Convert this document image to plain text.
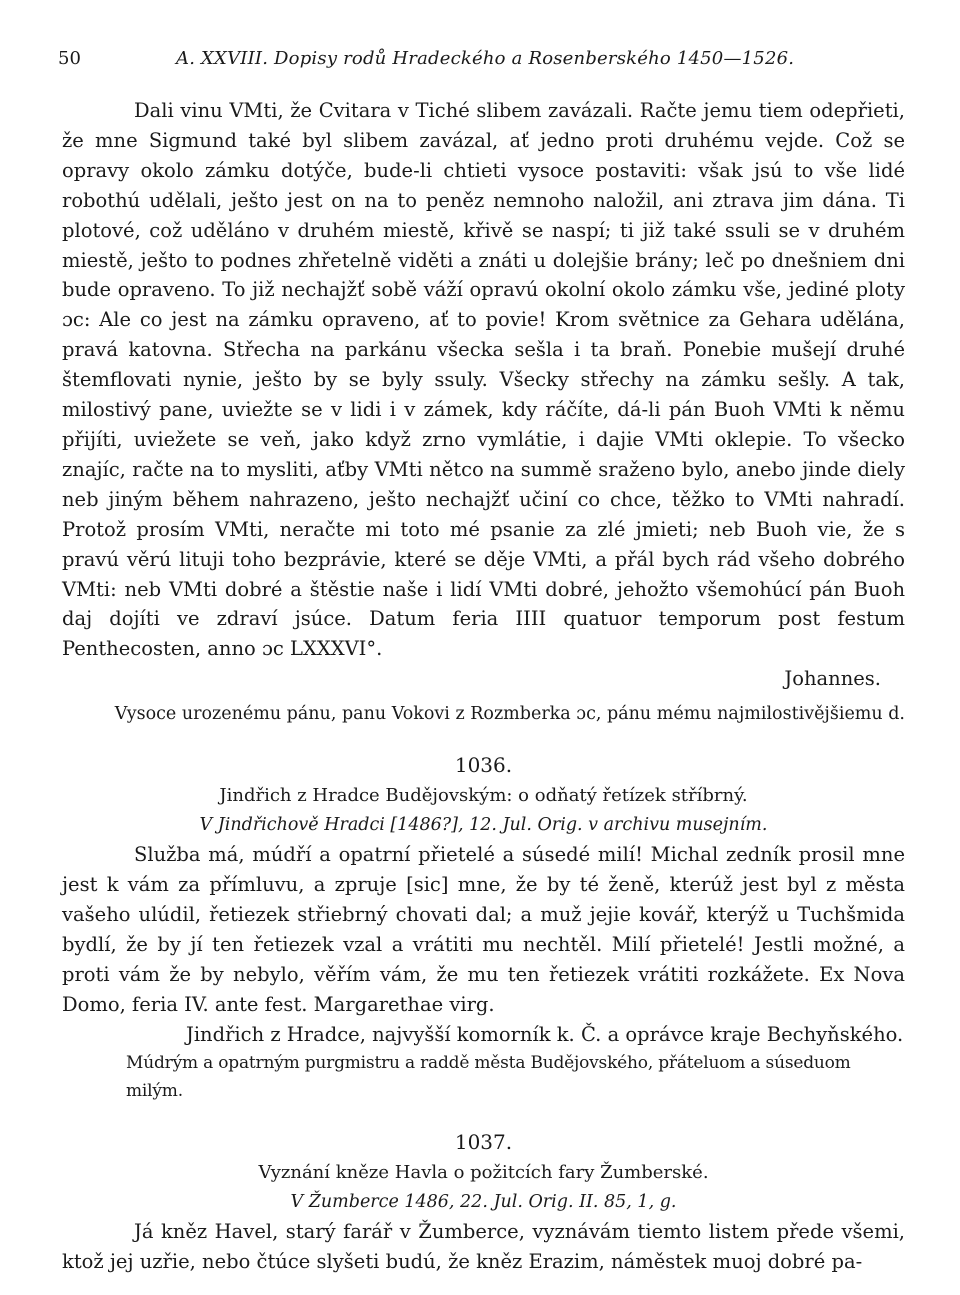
50	A. XXVIII. Dopisy rodů Hradeckého a Rosenberského 1450—1526.

Dali vinu VMti, že Cvitara v Tiché slibem zavázali. Račte jemu tiem odepřieti, že mne Sigmund také byl slibem zavázal, ať jedno proti druhému vejde. Což se opravy okolo zámku dotýče, bude-li chtieti vysoce postaviti: však jsú to vše lidé robothú udělali, ješto jest on na to peněz nemnoho naložil, ani ztrava jim dána. Ti plotové, což uděláno v druhém miestě, křivě se naspí; ti již také ssuli se v druhém miestě, ješto to podnes zhřetelně viděti a znáti u dolejšie brány; leč po dnešniem dni bude opraveno. To již nechajžť sobě váží opravú okolní okolo zámku vše, jediné ploty ɔc: Ale co jest na zámku opraveno, ať to povie! Krom světnice za Gehara udělána, pravá katovna. Střecha na parkánu všecka sešla i ta braň. Ponebie mušejí druhé štemflovati nynie, ješto by se byly ssuly. Všecky střechy na zámku sešly. A tak, milostivý pane, uviežte se v lidi i v zámek, kdy ráčíte, dá-li pán Buoh VMti k němu přijíti, uviežete se veň, jako když zrno vymlátie, i dajie VMti oklepie. To všecko znajíc, račte na to mysliti, aťby VMti nětco na summě sraženo bylo, anebo jinde diely neb jiným během nahrazeno, ješto nechajžť učiní co chce, těžko to VMti nahradí. Protož prosím VMti, neračte mi toto mé psanie za zlé jmieti; neb Buoh vie, že s pravú věrú lituji toho bezprávie, které se děje VMti, a přál bych rád všeho dobrého VMti: neb VMti dobré a štěstie naše i lidí VMti dobré, jehožto všemohúcí pán Buoh daj dojíti ve zdraví jsúce. Datum feria IIII quatuor temporum post festum Penthecosten, anno ɔc LXXXVI°.

Johannes.

Vysoce urozenému pánu, panu Vokovi z Rozmberka ɔc, pánu mému najmilostivějšiemu d.

1036.

Jindřich z Hradce Budějovským: o odňatý řetízek stříbrný.

V Jindřichově Hradci [1486?], 12. Jul. Orig. v archivu musejním.

Služba má, múdří a opatrní přietelé a súsedé milí! Michal zedník prosil mne jest k vám za přímluvu, a zpruje [sic] mne, že by té ženě, kterúž jest byl z města vašeho ulúdil, řetiezek střiebrný chovati dal; a muž jejie kovář, kterýž u Tuchšmida bydlí, že by jí ten řetiezek vzal a vrátiti mu nechtěl. Milí přietelé! Jestli možné, a proti vám že by nebylo, věřím vám, že mu ten řetiezek vrátiti rozkážete. Ex Nova Domo, feria IV. ante fest. Margarethae virg.

Jindřich z Hradce, najvyšší komorník k. Č. a oprávce kraje Bechyňského.

Múdrým a opatrným purgmistru a raddě města Budějovského, přáteluom a súseduom milým.

1037.

Vyznání kněze Havla o požitcích fary Žumberské.

V Žumberce 1486, 22. Jul. Orig. II. 85, 1, g.

Já kněz Havel, starý farář v Žumberce, vyznávám tiemto listem přede všemi, ktož jej uzřie, nebo čtúce slyšeti budú, že kněz Erazim, náměstek muoj dobré pa-
